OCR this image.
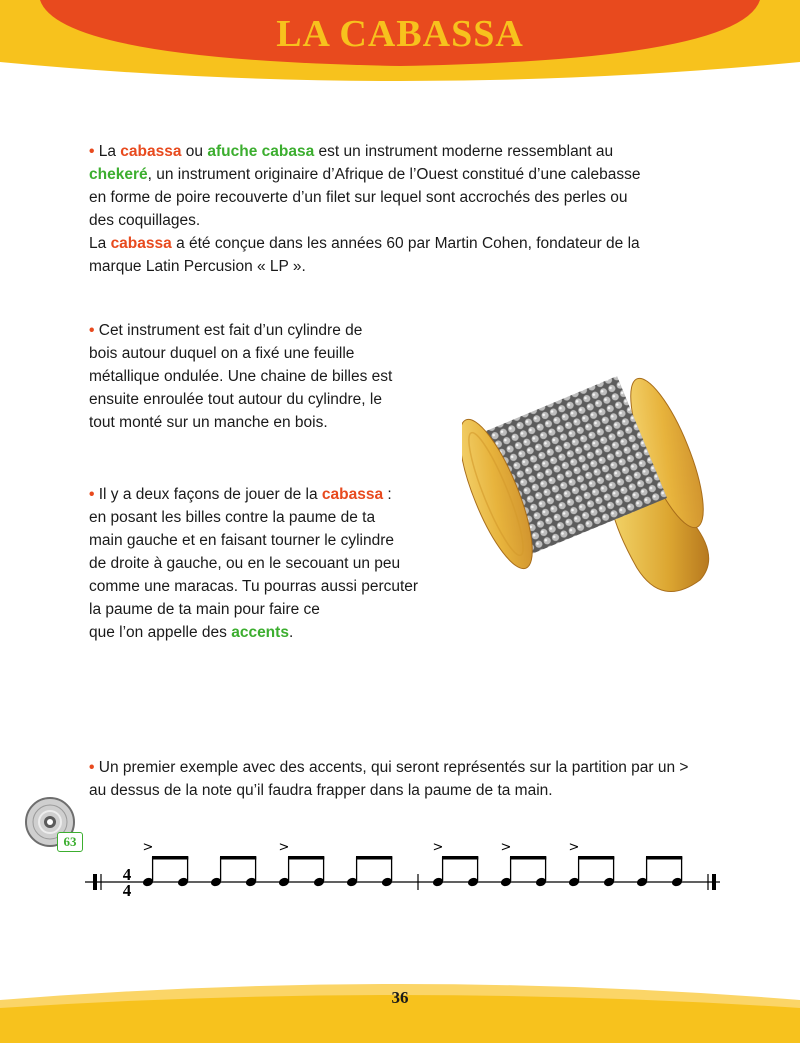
LA CABASSA

• La cabassa ou afuche cabasa est un instrument moderne ressemblant au

chekeré, un instrument originaire d’Afrique de l’Ouest constitué d’une calebasse

en forme de poire recouverte d’un filet sur lequel sont accrochés des perles ou

des coquillages.

La cabassa a été conçue dans les années 60 par Martin Cohen, fondateur de la

marque Latin Percusion « LP ».

• Cet instrument est fait d’un cylindre de

bois autour duquel on a fixé une feuille

métallique ondulée. Une chaine de billes est

ensuite enroulée tout autour du cylindre, le

tout monté sur un manche en bois.

• Il y a deux façons de jouer de la cabassa :

en posant les billes contre la paume de ta

main gauche et en faisant tourner le cylindre

de droite à gauche, ou en le secouant un peu

comme une maracas. Tu pourras aussi percuter

la paume de ta main pour faire ce

que l’on appelle des accents.

• Un premier exemple avec des accents, qui seront représentés sur la partition par un >

au dessus de la note qu’il faudra frapper dans la paume de ta main.

63
4
4
>	>	>	>	>
36
